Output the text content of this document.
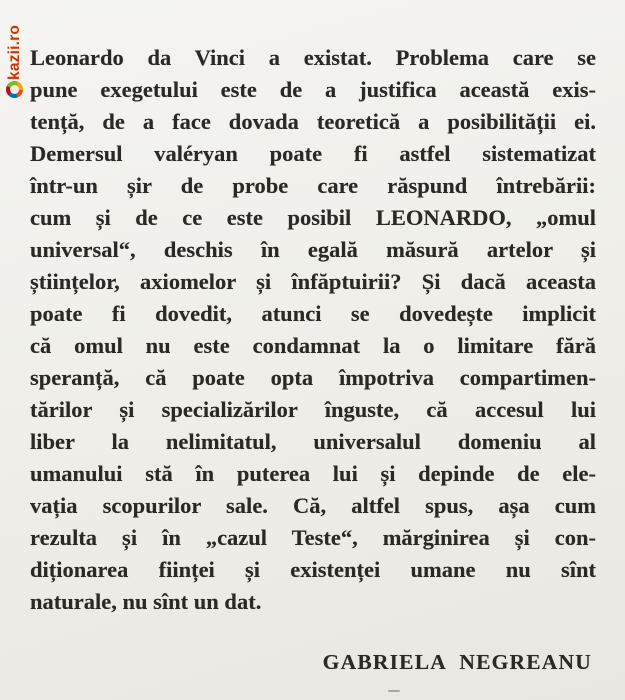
kazii.ro Leonardo da Vinci a existat. Problema care se
pune exegetului este de a justifica această exis-
tență, de a face dovada teoretică a posibilității ei.
Demersul valéryan poate fi astfel sistematizat
într-un șir de probe care răspund întrebării:
cum și de ce este posibil LEONARDO, „omul
universal“, deschis în egală măsură artelor și
științelor, axiomelor și înfăptuirii? Și dacă aceasta
poate fi dovedit, atunci se dovedește implicit
că omul nu este condamnat la o limitare fără
speranță, că poate opta împotriva compartimen-
tărilor și specializărilor înguste, că accesul lui
liber la nelimitatul, universalul domeniu al
umanului stă în puterea lui și depinde de ele-
vația scopurilor sale. Că, altfel spus, așa cum
rezulta și în „cazul Teste“, mărginirea și con-
diționarea ființei și existenței umane nu sînt
naturale, nu sînt un dat.
GABRIELA NEGREANU
